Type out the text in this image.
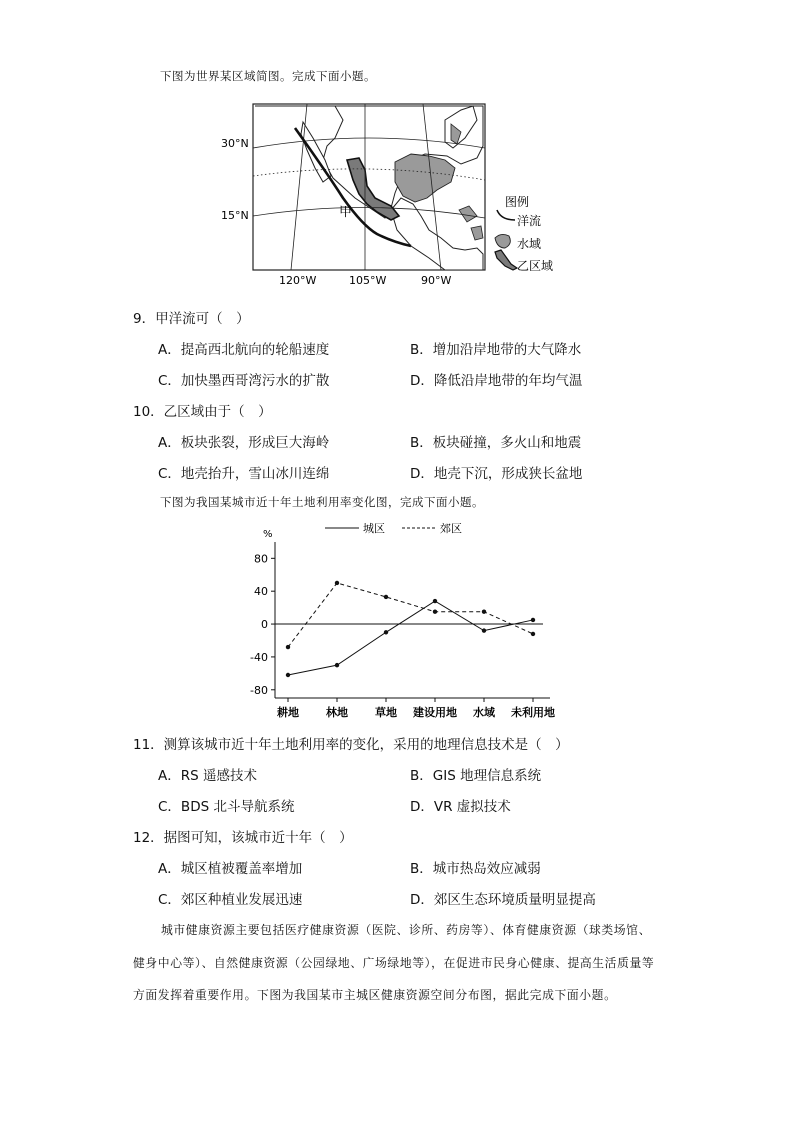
下图为世界某区域简图。完成下面小题。
30°N
15°N
120°W	105°W	90°W
甲
图例
洋流
水域
乙区域
9．甲洋流可（　）
A．提高西北航向的轮船速度	B．增加沿岸地带的大气降水
C．加快墨西哥湾污水的扩散	D．降低沿岸地带的年均气温
10．乙区域由于（　）
A．板块张裂，形成巨大海岭	B．板块碰撞，多火山和地震
C．地壳抬升，雪山冰川连绵	D．地壳下沉，形成狭长盆地
下图为我国某城市近十年土地利用率变化图，完成下面小题。
城区	郊区
%
80
40
0
-40
-80
耕地 林地 草地 建设用地 水域 未利用地
11．测算该城市近十年土地利用率的变化，采用的地理信息技术是（　）
A．RS 遥感技术	B．GIS 地理信息系统
C．BDS 北斗导航系统	D．VR 虚拟技术
12．据图可知，该城市近十年（　）
A．城区植被覆盖率增加	B．城市热岛效应减弱
C．郊区种植业发展迅速	D．郊区生态环境质量明显提高
城市健康资源主要包括医疗健康资源（医院、诊所、药房等）、体育健康资源（球类场馆、健身中心等）、自然健康资源（公园绿地、广场绿地等），在促进市民身心健康、提高生活质量等方面发挥着重要作用。下图为我国某市主城区健康资源空间分布图，据此完成下面小题。
